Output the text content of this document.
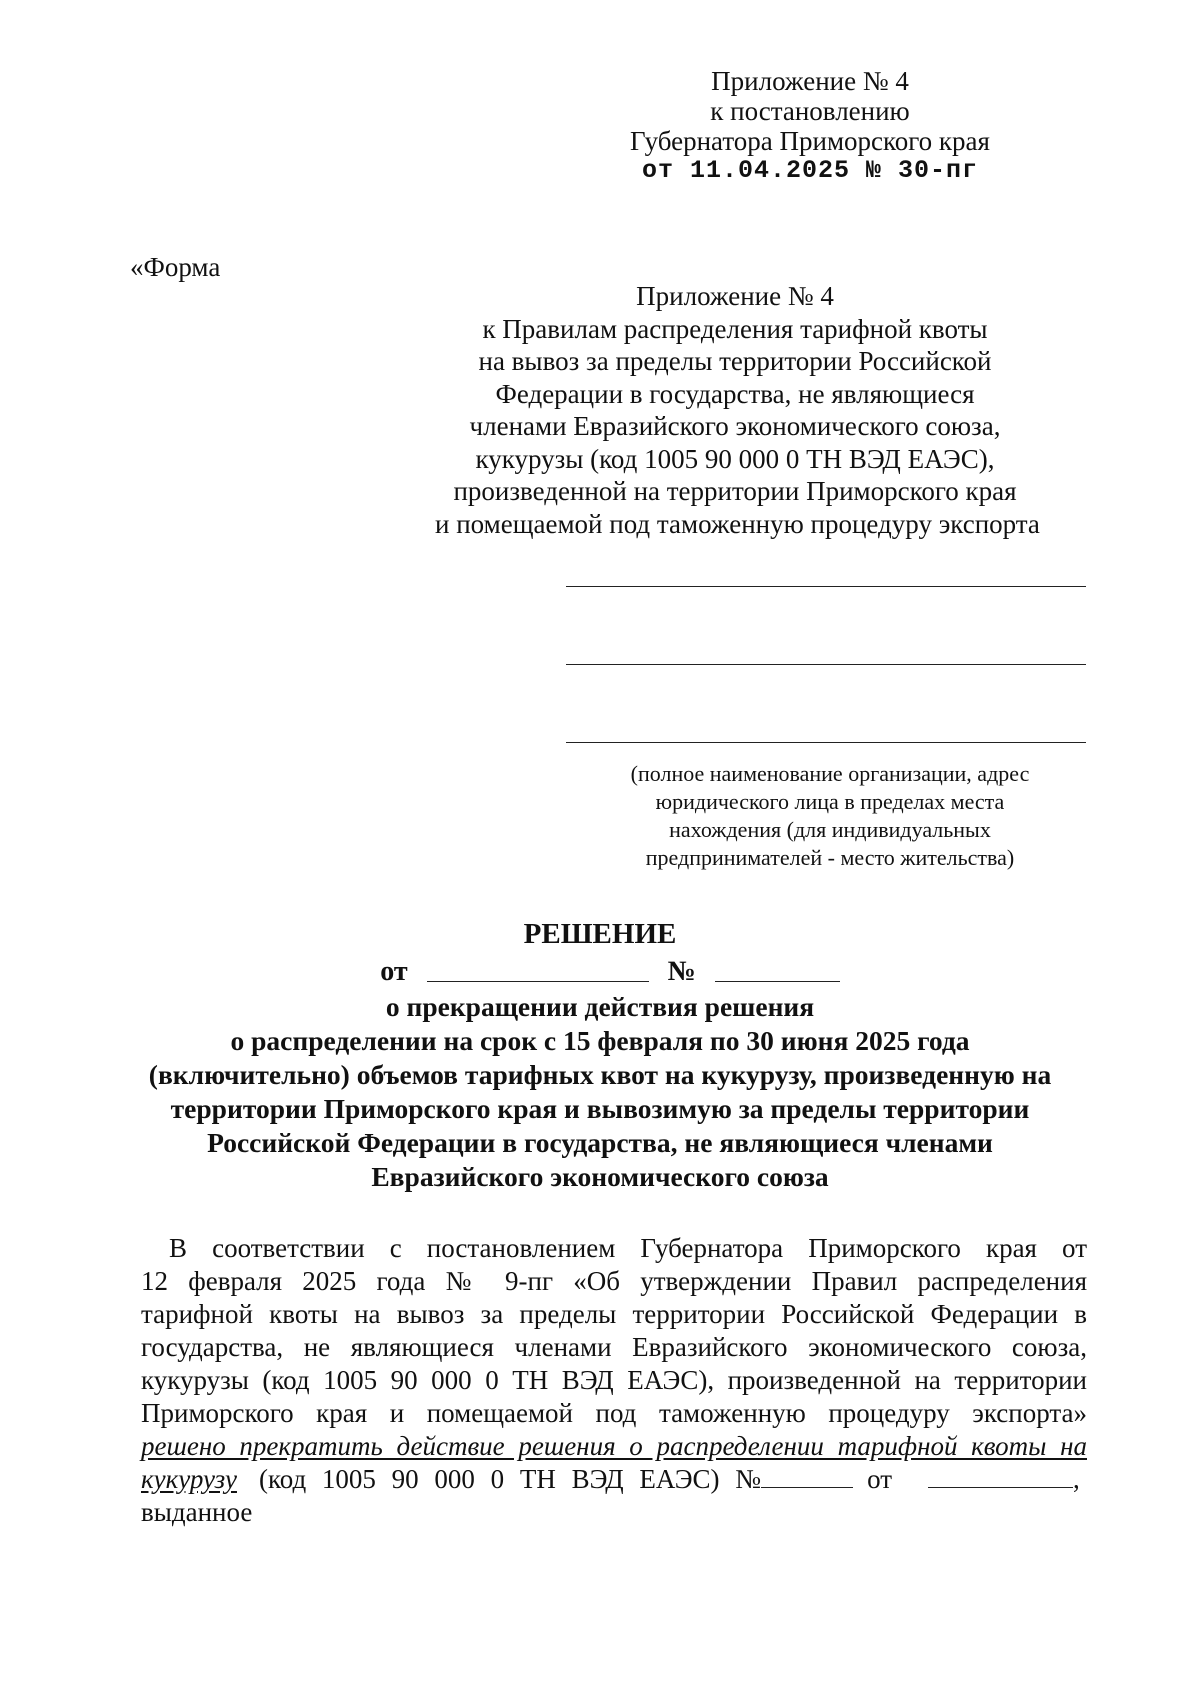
Приложение № 4
к постановлению
Губернатора Приморского края
от 11.04.2025 № 30-пг
«Форма
Приложение № 4
к Правилам распределения тарифной квоты
на вывоз за пределы территории Российской
Федерации в государства, не являющиеся
членами Евразийского экономического союза,
кукурузы (код 1005 90 000 0 ТН ВЭД ЕАЭС),
произведенной на территории Приморского края
и помещаемой под таможенную процедуру экспорта
(полное наименование организации, адрес
юридического лица в пределах места
нахождения (для индивидуальных
предпринимателей - место жительства)
РЕШЕНИЕ
от	№
о прекращении действия решения
о распределении на срок с 15 февраля по 30 июня 2025 года
(включительно) объемов тарифных квот на кукурузу, произведенную на
территории Приморского края и вывозимую за пределы территории
Российской Федерации в государства, не являющиеся членами
Евразийского экономического союза
В соответствии с постановлением Губернатора Приморского края от
12 февраля 2025 года № 9-пг «Об утверждении Правил распределения
тарифной квоты на вывоз за пределы территории Российской Федерации в
государства, не являющиеся членами Евразийского экономического союза,
кукурузы (код 1005 90 000 0 ТН ВЭД ЕАЭС), произведенной на территории
Приморского края и помещаемой под таможенную процедуру экспорта»
решено прекратить действие решения о распределении тарифной квоты на
кукурузу (код 1005 90 000 0 ТН ВЭД ЕАЭС) №	от	,
выданное
